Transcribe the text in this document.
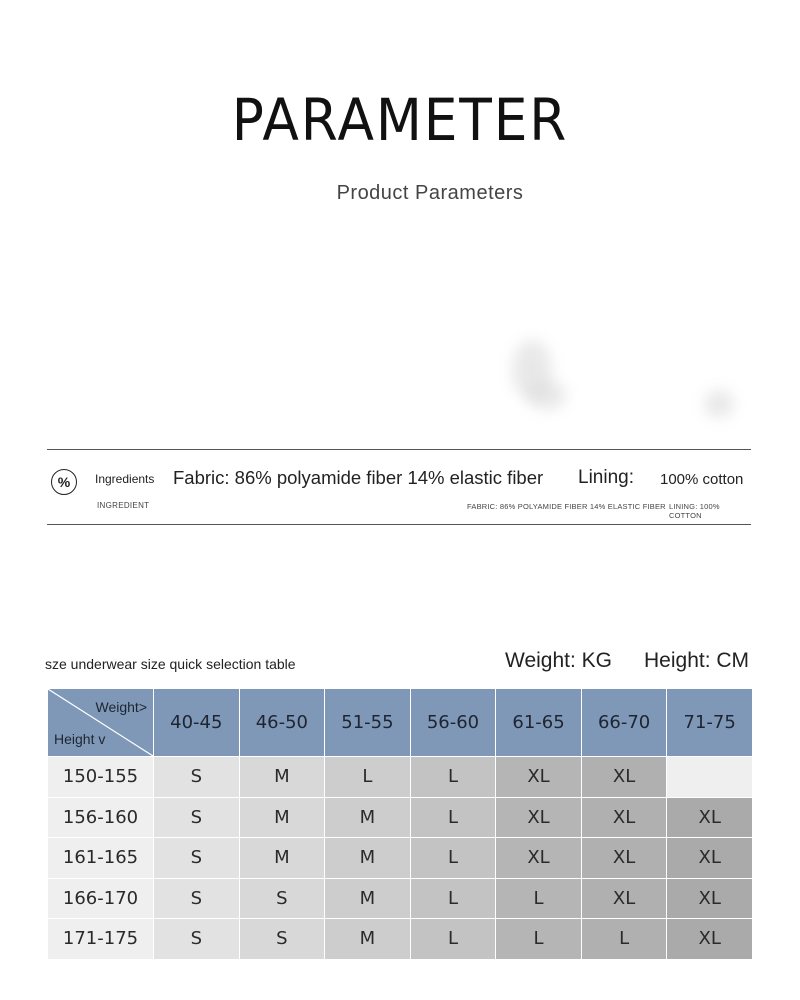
PARAMETER
Product Parameters
%	Ingredients
INGREDIENT
Fabric: 86% polyamide fiber 14% elastic fiber Lining: 100% cotton
FABRIC: 86% POLYAMIDE FIBER 14% ELASTIC FIBER LINING: 100% COTTON
sze underwear size quick selection table	Weight: KG Height: CM
Weight>
Height v	40-45	46-50	51-55	56-60	61-65	66-70	71-75
150-155	S	M	L	L	XL	XL	
156-160	S	M	M	L	XL	XL	XL
161-165	S	M	M	L	XL	XL	XL
166-170	S	S	M	L	L	XL	XL
171-175	S	S	M	L	L	L	XL
